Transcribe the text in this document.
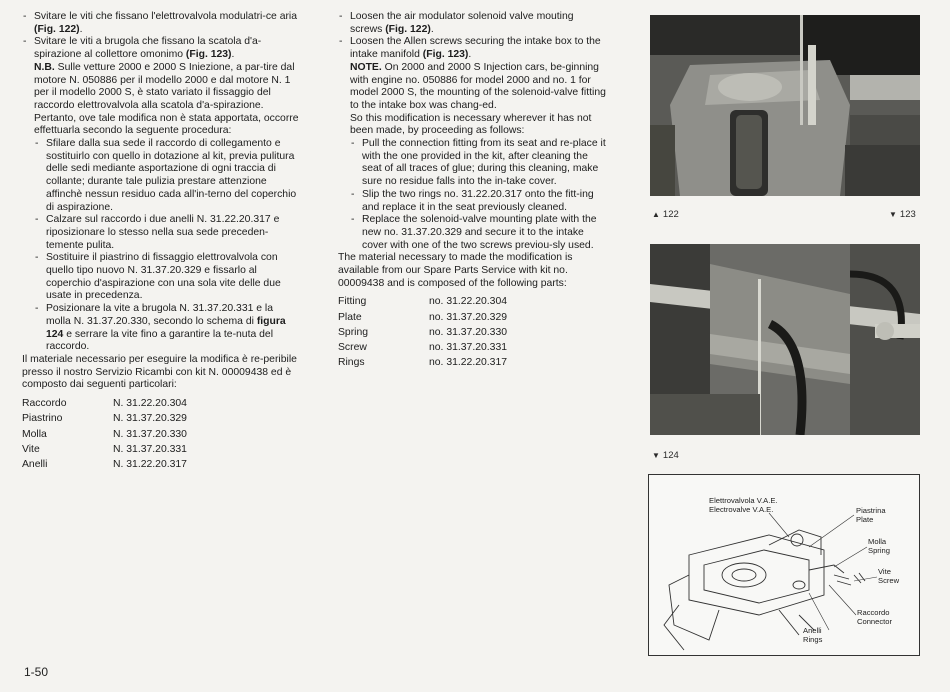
- Svitare le viti che fissano l'elettrovalvola modulatri-ce aria (Fig. 122).
- Svitare le viti a brugola che fissano la scatola d'a-spirazione al collettore omonimo (Fig. 123).

N.B. Sulle vetture 2000 e 2000 S Iniezione, a par-tire dal motore N. 050886 per il modello 2000 e dal motore N. 1 per il modello 2000 S, è stato variato il fissaggio del raccordo elettrovalvola alla scatola d'a-spirazione.

Pertanto, ove tale modifica non è stata apportata, occorre effettuarla secondo la seguente procedura:

- Sfilare dalla sua sede il raccordo di collegamento e sostituirlo con quello in dotazione al kit, previa pulitura delle sedi mediante asportazione di ogni traccia di collante; durante tale pulizia prestare attenzione affinchè nessun residuo cada all'in-terno del coperchio di aspirazione.
- Calzare sul raccordo i due anelli N. 31.22.20.317 e riposizionare lo stesso nella sua sede preceden-temente pulita.
- Sostituire il piastrino di fissaggio elettrovalvola con quello tipo nuovo N. 31.37.20.329 e fissarlo al coperchio d'aspirazione con una sola vite delle due usate in precedenza.
- Posizionare la vite a brugola N. 31.37.20.331 e la molla N. 31.37.20.330, secondo lo schema di figura 124 e serrare la vite fino a garantire la te-nuta del raccordo.

Il materiale necessario per eseguire la modifica è re-peribile presso il nostro Servizio Ricambi con kit N. 00009438 ed è composto dai seguenti particolari:

Raccordo	N. 31.22.20.304
Piastrino	N. 31.37.20.329
Molla	N. 31.37.20.330
Vite	N. 31.37.20.331
Anelli	N. 31.22.20.317
- Loosen the air modulator solenoid valve mouting screws (Fig. 122).
- Loosen the Allen screws securing the intake box to the intake manifold (Fig. 123).

NOTE. On 2000 and 2000 S Injection cars, be-ginning with engine no. 050886 for model 2000 and no. 1 for model 2000 S, the mounting of the solenoid-valve fitting to the intake box was chang-ed.

So this modification is necessary wherever it has not been made, by proceeding as follows:

- Pull the connection fitting from its seat and re-place it with the one provided in the kit, after cleaning the seat of all traces of glue; during this cleaning, make sure no residue falls into the in-take cover.
- Slip the two rings no. 31.22.20.317 onto the fitt-ing and replace it in the seat previously cleaned.
- Replace the solenoid-valve mounting plate with the new no. 31.37.20.329 and secure it to the intake cover with one of the two screws previou-sly used.

The material necessary to made the modification is available from our Spare Parts Service with kit no. 00009438 and is composed of the following parts:

Fitting	no. 31.22.20.304
Plate	no. 31.37.20.329
Spring	no. 31.37.20.330
Screw	no. 31.37.20.331
Rings	no. 31.22.20.317
▲ 122	▼ 123
▼ 124
Elettrovalvola V.A.E.
Electrovalve V.A.E.	Piastrina
Plate
Molla
Spring
Vite
Screw
Raccordo
Connector
Anelli
Rings
1-50
